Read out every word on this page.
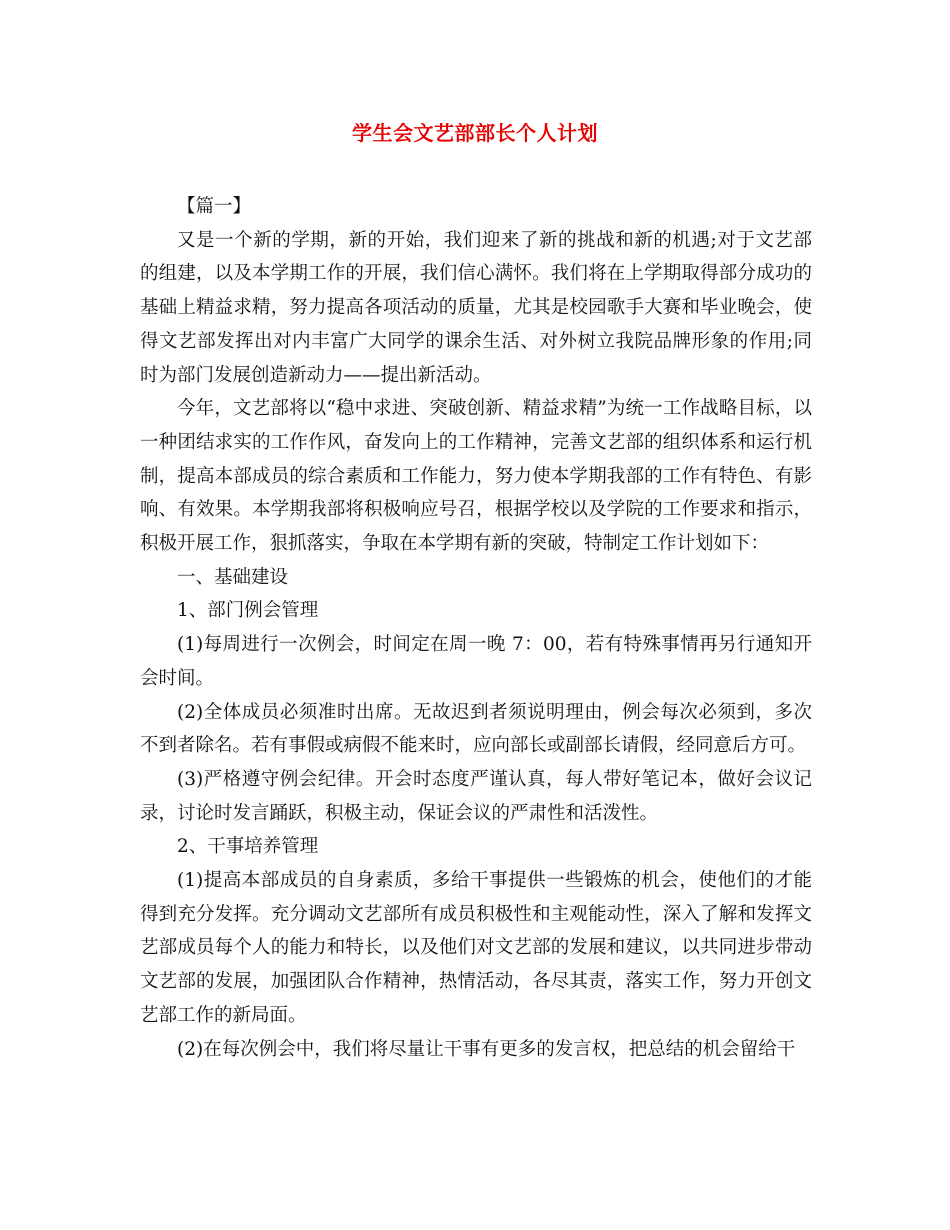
学生会文艺部部长个人计划

【篇一】

又是一个新的学期，新的开始，我们迎来了新的挑战和新的机遇;对于文艺部的组建，以及本学期工作的开展，我们信心满怀。我们将在上学期取得部分成功的基础上精益求精，努力提高各项活动的质量，尤其是校园歌手大赛和毕业晚会，使得文艺部发挥出对内丰富广大同学的课余生活、对外树立我院品牌形象的作用;同时为部门发展创造新动力——提出新活动。

今年，文艺部将以“稳中求进、突破创新、精益求精”为统一工作战略目标，以一种团结求实的工作作风，奋发向上的工作精神，完善文艺部的组织体系和运行机制，提高本部成员的综合素质和工作能力，努力使本学期我部的工作有特色、有影响、有效果。本学期我部将积极响应号召，根据学校以及学院的工作要求和指示，积极开展工作，狠抓落实，争取在本学期有新的突破，特制定工作计划如下：

一、基础建设

1、部门例会管理

(1)每周进行一次例会，时间定在周一晚 7：00，若有特殊事情再另行通知开会时间。

(2)全体成员必须准时出席。无故迟到者须说明理由，例会每次必须到，多次不到者除名。若有事假或病假不能来时，应向部长或副部长请假，经同意后方可。

(3)严格遵守例会纪律。开会时态度严谨认真，每人带好笔记本，做好会议记录，讨论时发言踊跃，积极主动，保证会议的严肃性和活泼性。

2、干事培养管理

(1)提高本部成员的自身素质，多给干事提供一些锻炼的机会，使他们的才能得到充分发挥。充分调动文艺部所有成员积极性和主观能动性，深入了解和发挥文艺部成员每个人的能力和特长，以及他们对文艺部的发展和建议，以共同进步带动文艺部的发展，加强团队合作精神，热情活动，各尽其责，落实工作，努力开创文艺部工作的新局面。

(2)在每次例会中，我们将尽量让干事有更多的发言权，把总结的机会留给干
